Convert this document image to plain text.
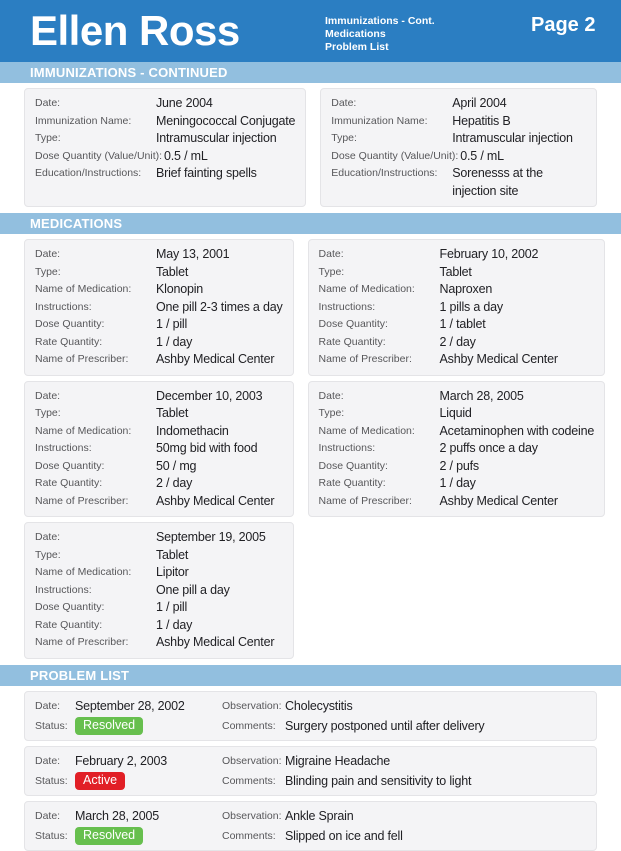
Ellen Ross	Immunizations - Cont.
Medications
Problem List
Page 2
IMMUNIZATIONS - CONTINUED
Date:	June 2004
Immunization Name:	Meningococcal Conjugate
Type:	Intramuscular injection
Dose Quantity (Value/Unit): 0.5 / mL
Education/Instructions:	Brief fainting spells
Date:	April 2004
Immunization Name:	Hepatitis B
Type:	Intramuscular injection
Dose Quantity (Value/Unit): 0.5 / mL
Education/Instructions:	Sorenesss at the injection site
MEDICATIONS
Date:	May 13, 2001
Type:	Tablet
Name of Medication:	Klonopin
Instructions:	One pill 2-3 times a day
Dose Quantity:	1 / pill
Rate Quantity:	1 / day
Name of Prescriber:	Ashby Medical Center
Date:	February 10, 2002
Type:	Tablet
Name of Medication:	Naproxen
Instructions:	1 pills a day
Dose Quantity:	1 / tablet
Rate Quantity:	2 / day
Name of Prescriber:	Ashby Medical Center
Date:	December 10, 2003
Type:	Tablet
Name of Medication:	Indomethacin
Instructions:	50mg bid with food
Dose Quantity:	50 / mg
Rate Quantity:	2 / day
Name of Prescriber:	Ashby Medical Center
Date:	March 28, 2005
Type:	Liquid
Name of Medication:	Acetaminophen with codeine
Instructions:	2 puffs once a day
Dose Quantity:	2 / pufs
Rate Quantity:	1 / day
Name of Prescriber:	Ashby Medical Center
Date:	September 19, 2005
Type:	Tablet
Name of Medication:	Lipitor
Instructions:	One pill a day
Dose Quantity:	1 / pill
Rate Quantity:	1 / day
Name of Prescriber:	Ashby Medical Center
PROBLEM LIST
Date:	September 28, 2002
Status:	Resolved
Observation: Cholecystitis
Comments: Surgery postponed until after delivery
Date:	February 2, 2003
Status:	Active
Observation: Migraine Headache
Comments: Blinding pain and sensitivity to light
Date:	March 28, 2005
Status:	Resolved
Observation: Ankle Sprain
Comments: Slipped on ice and fell
